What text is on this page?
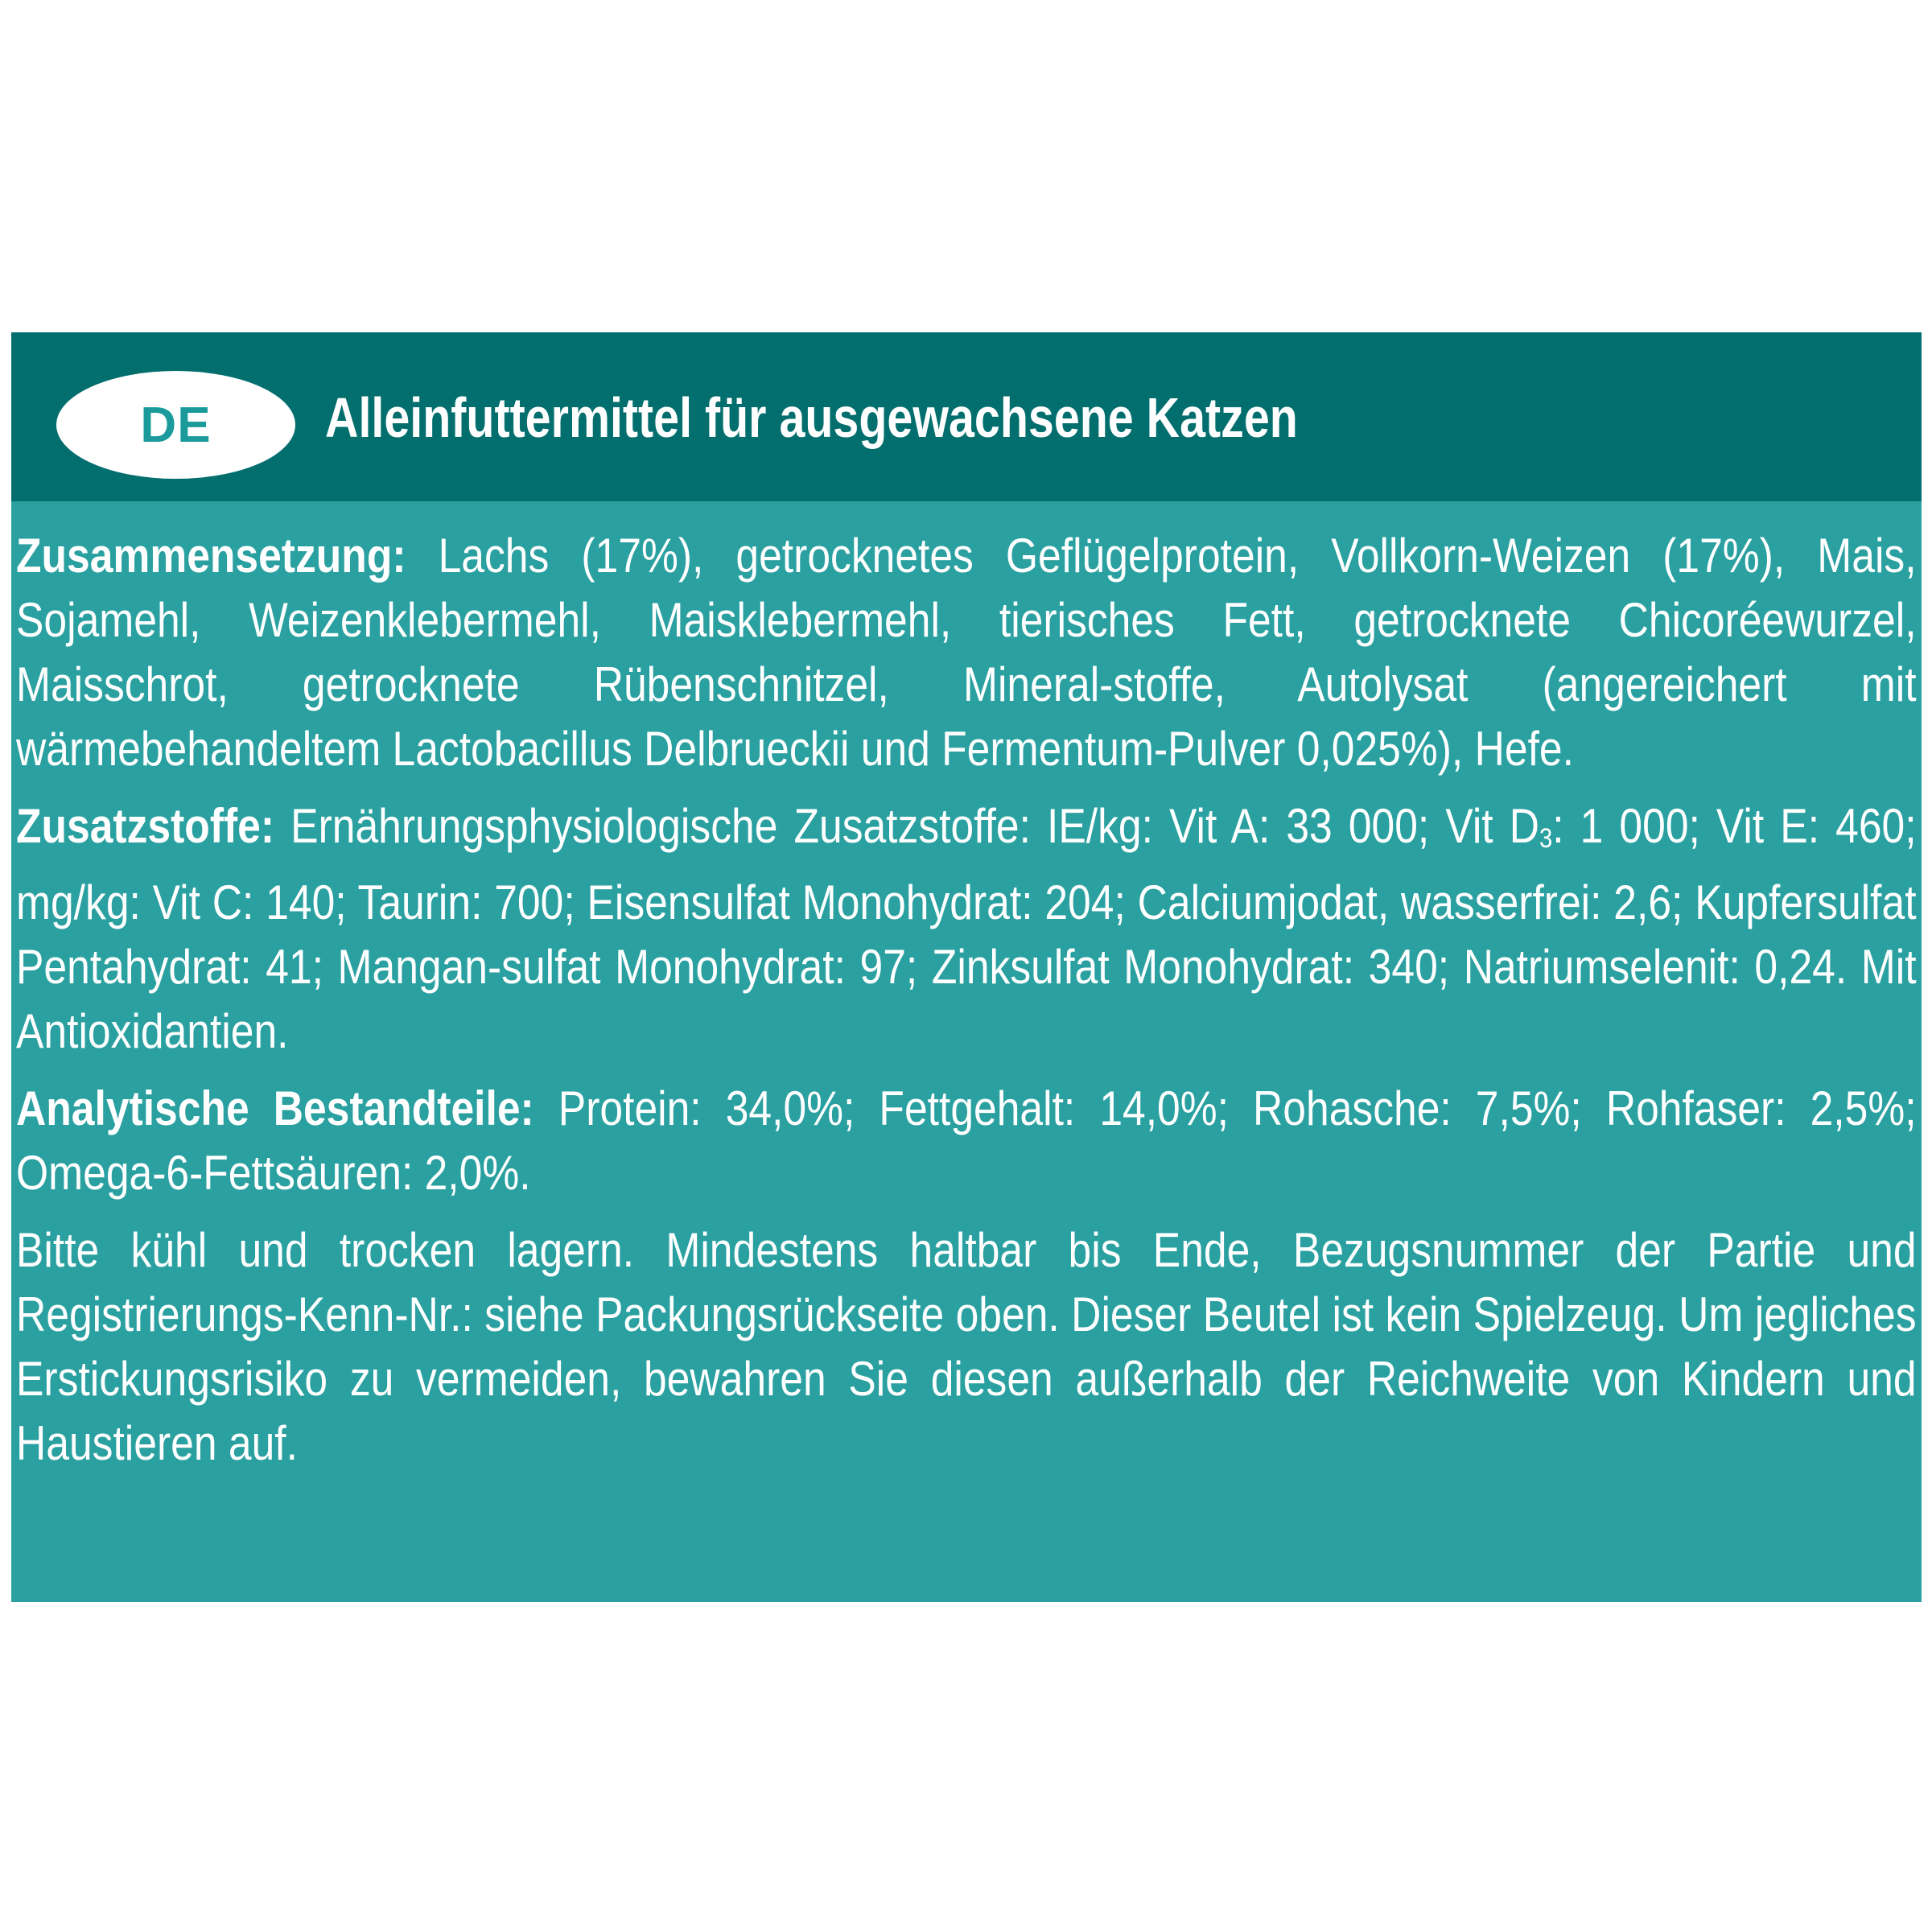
DE	Alleinfuttermittel für ausgewachsene Katzen

Zusammensetzung: Lachs (17%), getrocknetes Geflügelprotein, Vollkorn-Weizen (17%), Mais, Sojamehl, Weizenklebermehl, Maisklebermehl, tierisches Fett, getrocknete Chicoréewurzel, Maisschrot, getrocknete Rübenschnitzel, Mineral-stoffe, Autolysat (angereichert mit wärmebehandeltem Lactobacillus Delbrueckii und Fermentum-Pulver 0,025%), Hefe.

Zusatzstoffe: Ernährungsphysiologische Zusatzstoffe: IE/kg: Vit A: 33 000; Vit $D_3$: 1 000; Vit E: 460; mg/kg: Vit C: 140; Taurin: 700; Eisensulfat Monohydrat: 204; Calciumjodat, wasserfrei: 2,6; Kupfersulfat Pentahydrat: 41; Mangan-sulfat Monohydrat: 97; Zinksulfat Monohydrat: 340; Natriumselenit: 0,24. Mit Antioxidantien.

Analytische Bestandteile: Protein: 34,0%; Fettgehalt: 14,0%; Rohasche: 7,5%; Rohfaser: 2,5%; Omega-6-Fettsäuren: 2,0%.

Bitte kühl und trocken lagern. Mindestens haltbar bis Ende, Bezugsnummer der Partie und Registrierungs-Kenn-Nr.: siehe Packungsrückseite oben. Dieser Beutel ist kein Spielzeug. Um jegliches Erstickungsrisiko zu vermeiden, bewahren Sie diesen außerhalb der Reichweite von Kindern und Haustieren auf.
